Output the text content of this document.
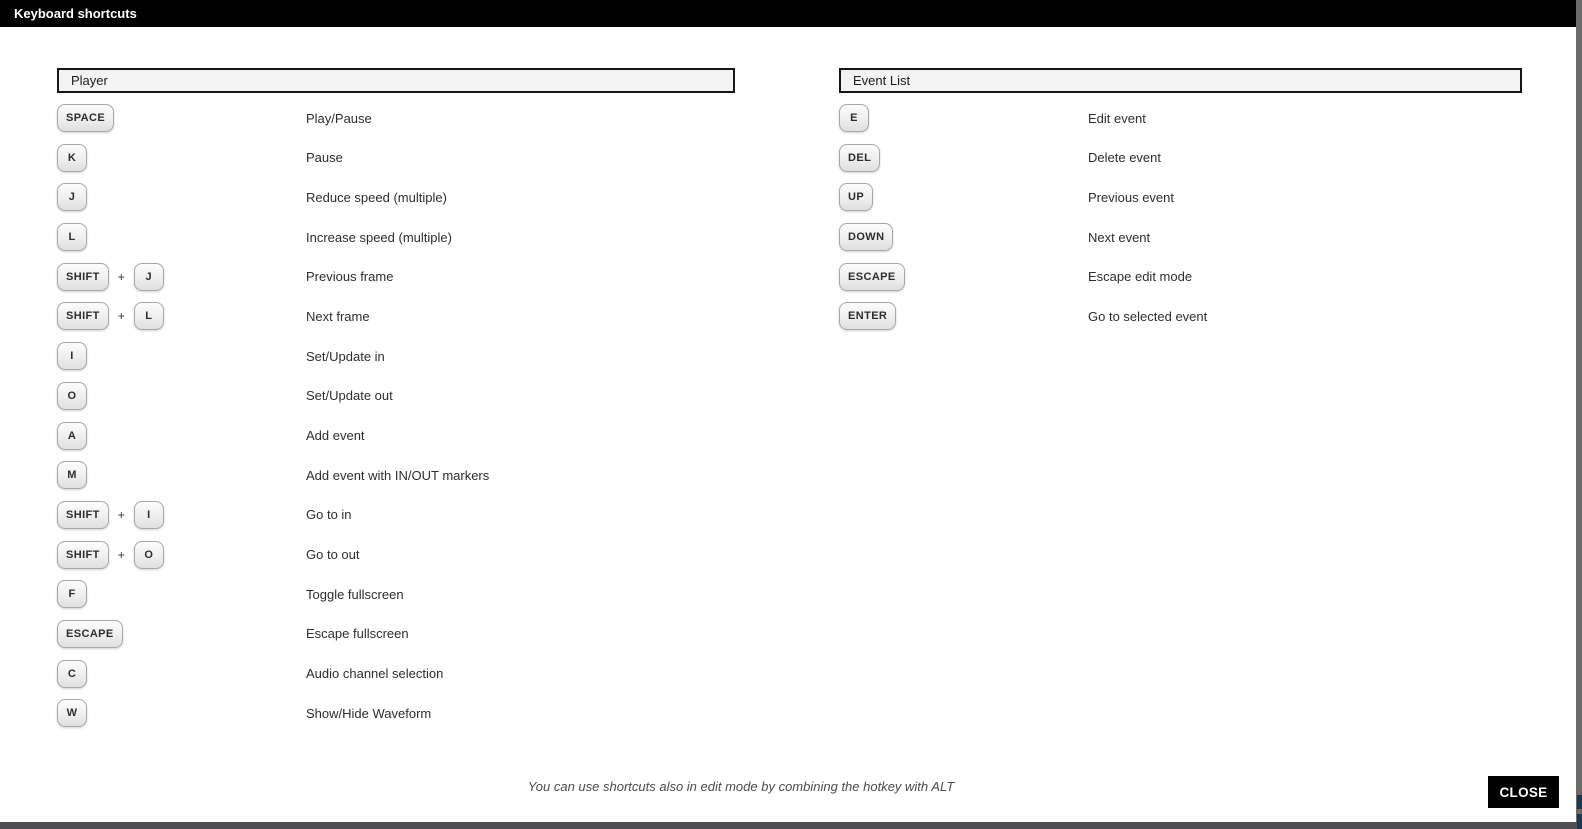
Keyboard shortcuts
Player
SPACE	Play/Pause
K	Pause
J	Reduce speed (multiple)
L	Increase speed (multiple)
SHIFT	+	J	Previous frame
SHIFT	+	L	Next frame
I	Set/Update in
O	Set/Update out
A	Add event
M	Add event with IN/OUT markers
SHIFT	+	I	Go to in
SHIFT	+	O	Go to out
F	Toggle fullscreen
ESCAPE	Escape fullscreen
C	Audio channel selection
W	Show/Hide Waveform
Event List
E	Edit event
DEL	Delete event
UP	Previous event
DOWN	Next event
ESCAPE	Escape edit mode
ENTER	Go to selected event
You can use shortcuts also in edit mode by combining the hotkey with ALT	CLOSE
